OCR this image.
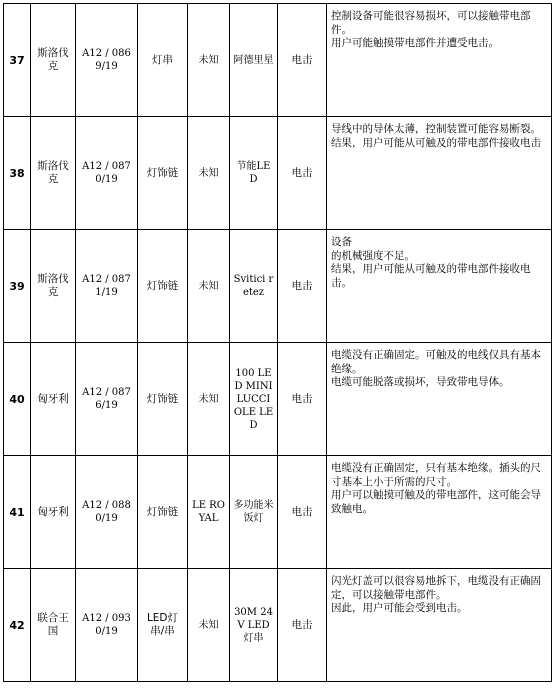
37	斯洛伐克	A12 / 0869/19	灯串	未知	阿德里星	电击	控制设备可能很容易损坏，可以接触带电部件。
用户可能触摸带电部件并遭受电击。

38	斯洛伐克	A12 / 0870/19	灯饰链	未知	节能LED	电击	导线中的导体太薄，控制装置可能容易断裂。结果，用户可能从可触及的带电部件接收电击

39	斯洛伐克	A12 / 0871/19	灯饰链	未知	Svitici retez	电击	设备
的机械强度不足。
结果，用户可能从可触及的带电部件接收电击。

40	匈牙利	A12 / 0876/19	灯饰链	未知	100 LED MINILUCCIOLE LED	电击	电缆没有正确固定。可触及的电线仅具有基本绝缘。
电缆可能脱落或损坏，导致带电导体。

41	匈牙利	A12 / 0880/19	灯饰链	LE ROYAL	多功能米饭灯	电击	电缆没有正确固定，只有基本绝缘。插头的尺寸基本上小于所需的尺寸。
用户可以触摸可触及的带电部件，这可能会导致触电。

42	联合王国	A12 / 0930/19	LED灯串/串	未知	30M 24V LED灯串	电击	闪光灯盖可以很容易地拆下，电缆没有正确固定，可以接触带电部件。
因此，用户可能会受到电击。
